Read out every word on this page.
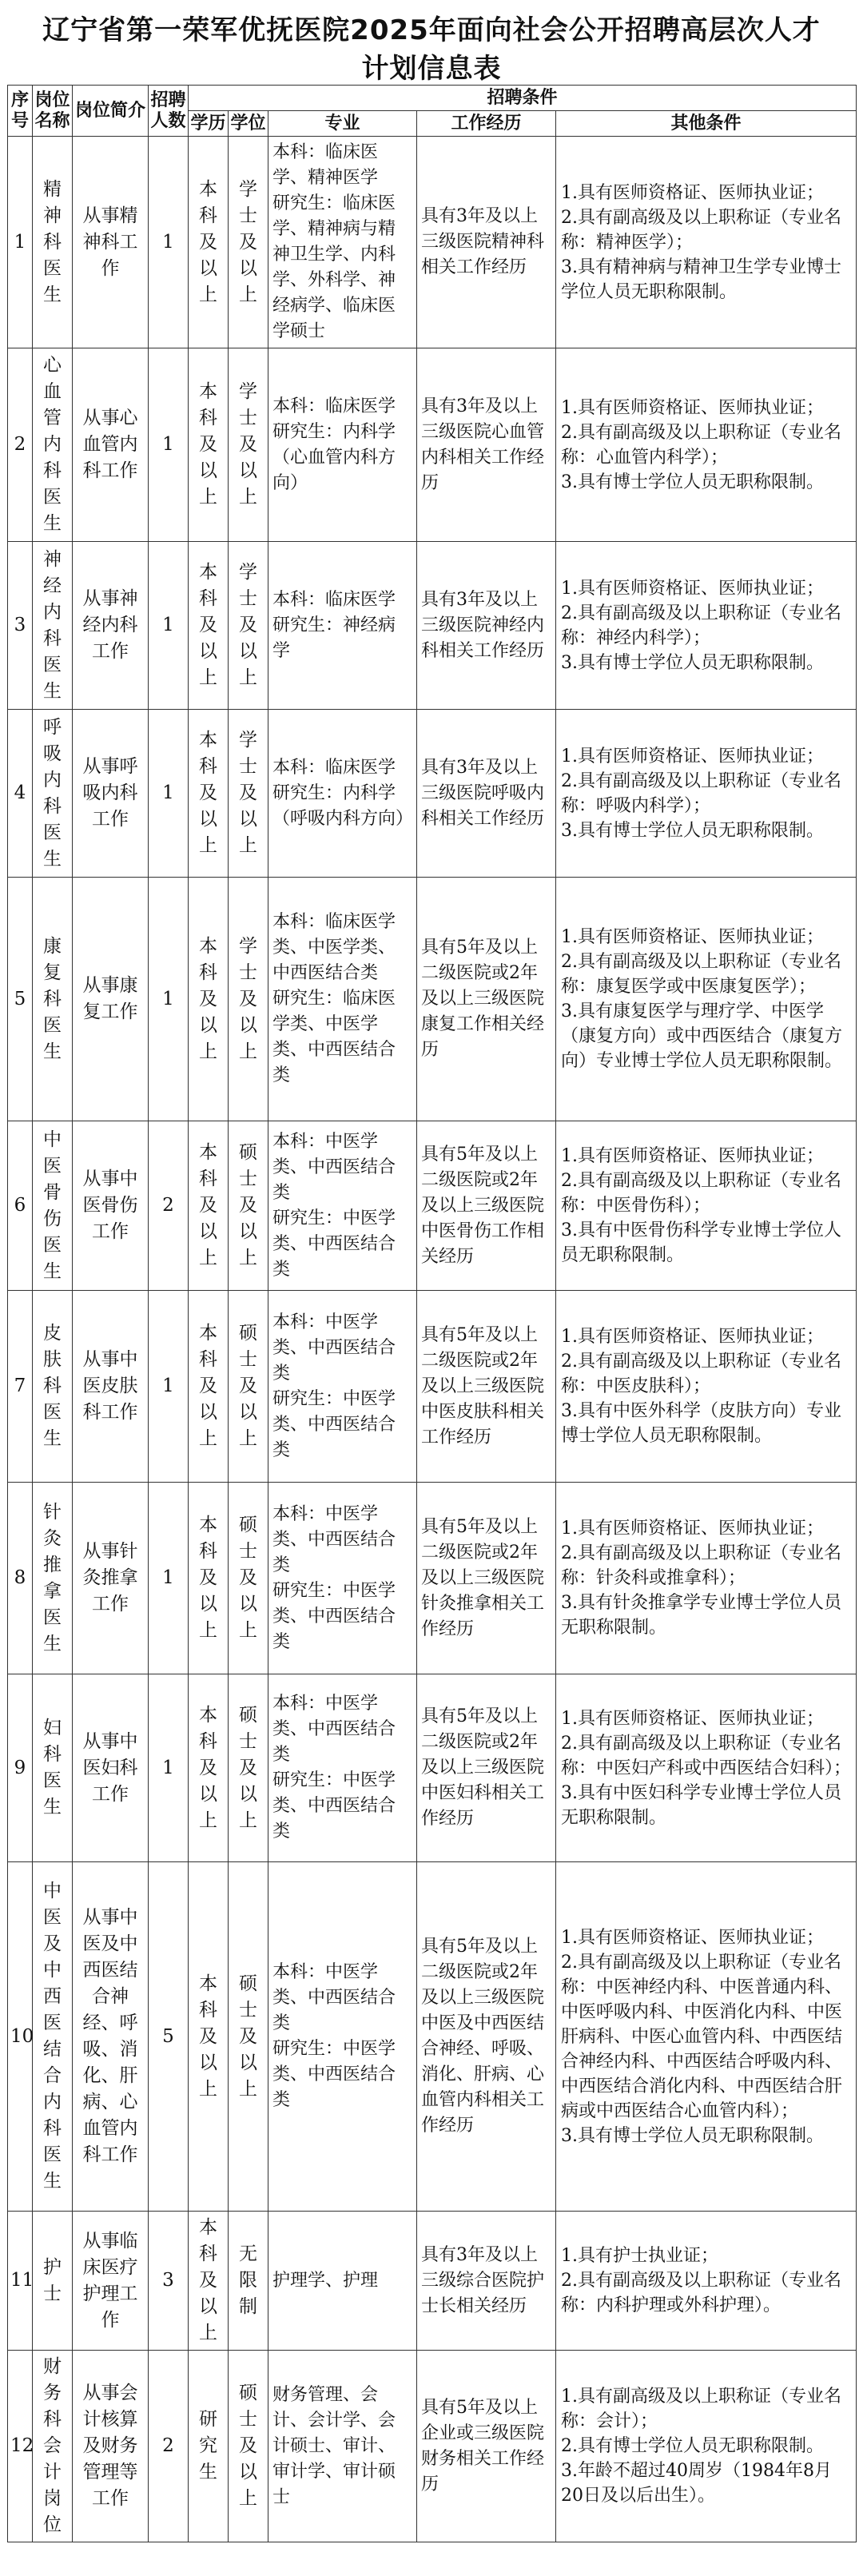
辽宁省第一荣军优抚医院2025年面向社会公开招聘高层次人才
计划信息表
序号	岗位名称	岗位简介	招聘人数	招聘条件				
				学历	学位	专业	工作经历	其他条件
1	精神科医生	从事精神科工作	1	本科及以上	学士及以上	本科：临床医学、精神医学
研究生：临床医学、精神病与精神卫生学、内科学、外科学、神经病学、临床医学硕士	具有3年及以上三级医院精神科相关工作经历	1.具有医师资格证、医师执业证；
2.具有副高级及以上职称证（专业名称：精神医学）；
3.具有精神病与精神卫生学专业博士学位人员无职称限制。
2	心血管内科医生	从事心血管内科工作	1	本科及以上	学士及以上	本科：临床医学
研究生：内科学（心血管内科方向）	具有3年及以上三级医院心血管内科相关工作经历	1.具有医师资格证、医师执业证；
2.具有副高级及以上职称证（专业名称：心血管内科学）；
3.具有博士学位人员无职称限制。
3	神经内科医生	从事神经内科工作	1	本科及以上	学士及以上	本科：临床医学
研究生：神经病学	具有3年及以上三级医院神经内科相关工作经历	1.具有医师资格证、医师执业证；
2.具有副高级及以上职称证（专业名称：神经内科学）；
3.具有博士学位人员无职称限制。
4	呼吸内科医生	从事呼吸内科工作	1	本科及以上	学士及以上	本科：临床医学
研究生：内科学（呼吸内科方向）	具有3年及以上三级医院呼吸内科相关工作经历	1.具有医师资格证、医师执业证；
2.具有副高级及以上职称证（专业名称：呼吸内科学）；
3.具有博士学位人员无职称限制。
5	康复科医生	从事康复工作	1	本科及以上	学士及以上	本科：临床医学类、中医学类、中西医结合类
研究生：临床医学类、中医学类、中西医结合类	具有5年及以上二级医院或2年及以上三级医院康复工作相关经历	1.具有医师资格证、医师执业证；
2.具有副高级及以上职称证（专业名称：康复医学或中医康复医学）；
3.具有康复医学与理疗学、中医学（康复方向）或中西医结合（康复方向）专业博士学位人员无职称限制。
6	中医骨伤医生	从事中医骨伤工作	2	本科及以上	硕士及以上	本科：中医学类、中西医结合类
研究生：中医学类、中西医结合类	具有5年及以上二级医院或2年及以上三级医院中医骨伤工作相关经历	1.具有医师资格证、医师执业证；
2.具有副高级及以上职称证（专业名称：中医骨伤科）；
3.具有中医骨伤科学专业博士学位人员无职称限制。
7	皮肤科医生	从事中医皮肤科工作	1	本科及以上	硕士及以上	本科：中医学类、中西医结合类
研究生：中医学类、中西医结合类	具有5年及以上二级医院或2年及以上三级医院中医皮肤科相关工作经历	1.具有医师资格证、医师执业证；
2.具有副高级及以上职称证（专业名称：中医皮肤科）；
3.具有中医外科学（皮肤方向）专业博士学位人员无职称限制。
8	针灸推拿医生	从事针灸推拿工作	1	本科及以上	硕士及以上	本科：中医学类、中西医结合类
研究生：中医学类、中西医结合类	具有5年及以上二级医院或2年及以上三级医院针灸推拿相关工作经历	1.具有医师资格证、医师执业证；
2.具有副高级及以上职称证（专业名称：针灸科或推拿科）；
3.具有针灸推拿学专业博士学位人员无职称限制。
9	妇科医生	从事中医妇科工作	1	本科及以上	硕士及以上	本科：中医学类、中西医结合类
研究生：中医学类、中西医结合类	具有5年及以上二级医院或2年及以上三级医院中医妇科相关工作经历	1.具有医师资格证、医师执业证；
2.具有副高级及以上职称证（专业名称：中医妇产科或中西医结合妇科）；
3.具有中医妇科学专业博士学位人员无职称限制。
10	中医及中西医结合内科医生	从事中医及中西医结合神经、呼吸、消化、肝病、心血管内科工作	5	本科及以上	硕士及以上	本科：中医学类、中西医结合类
研究生：中医学类、中西医结合类	具有5年及以上二级医院或2年及以上三级医院中医及中西医结合神经、呼吸、消化、肝病、心血管内科相关工作经历	1.具有医师资格证、医师执业证；
2.具有副高级及以上职称证（专业名称：中医神经内科、中医普通内科、中医呼吸内科、中医消化内科、中医肝病科、中医心血管内科、中西医结合神经内科、中西医结合呼吸内科、中西医结合消化内科、中西医结合肝病或中西医结合心血管内科）；
3.具有博士学位人员无职称限制。
11	护士	从事临床医疗护理工作	3	本科及以上	无限制	护理学、护理	具有3年及以上三级综合医院护士长相关经历	1.具有护士执业证；
2.具有副高级及以上职称证（专业名称：内科护理或外科护理）。
12	财务科会计岗位	从事会计核算及财务管理等工作	2	研究生	硕士及以上	财务管理、会计、会计学、会计硕士、审计、审计学、审计硕士	具有5年及以上企业或三级医院财务相关工作经历	1.具有副高级及以上职称证（专业名称：会计）；
2.具有博士学位人员无职称限制。
3.年龄不超过40周岁（1984年8月20日及以后出生）。
